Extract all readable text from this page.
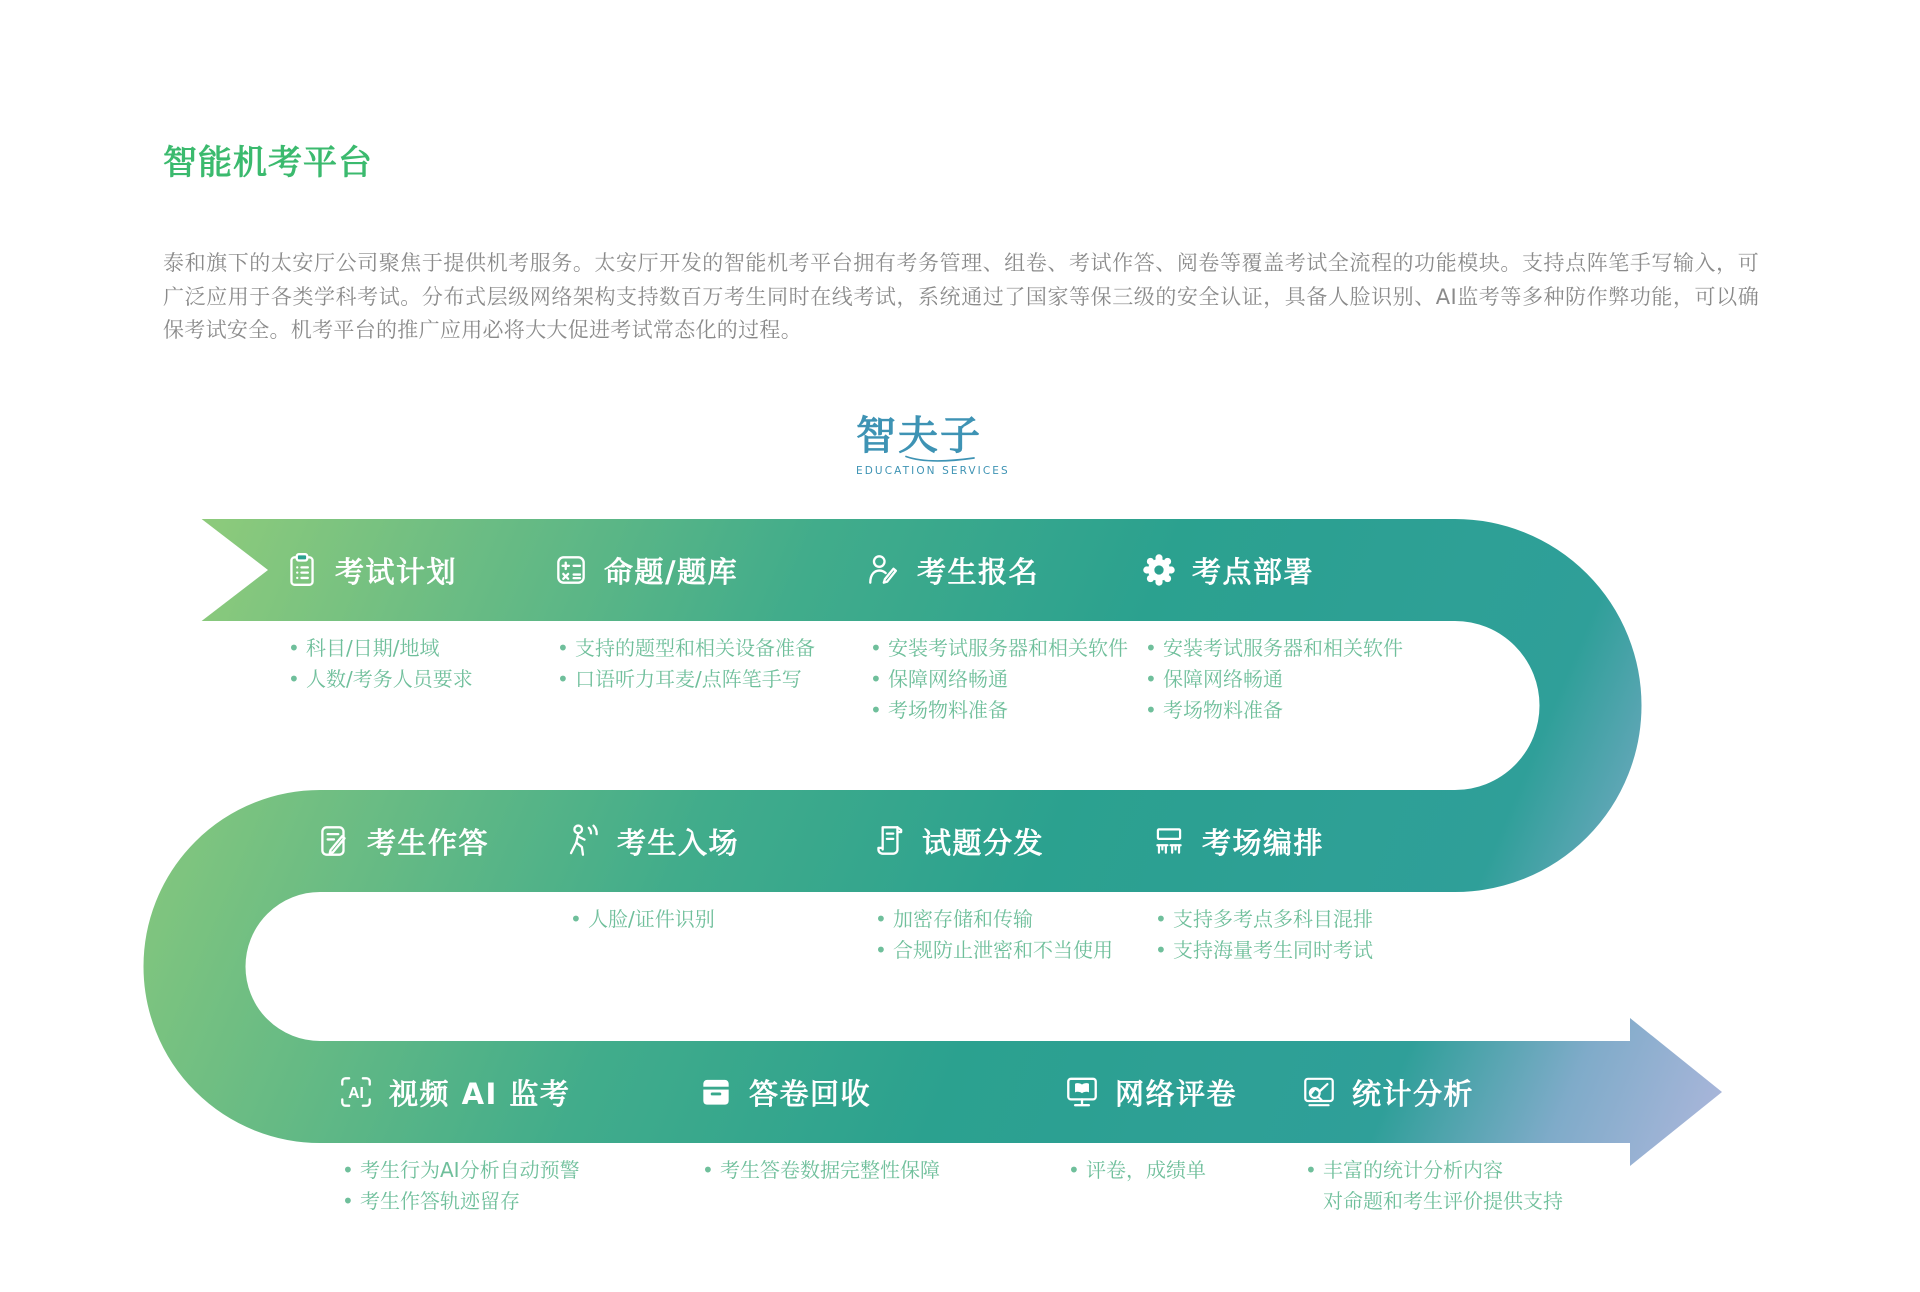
智能机考平台

泰和旗下的太安厅公司聚焦于提供机考服务。太安厅开发的智能机考平台拥有考务管理、组卷、考试作答、阅卷等覆盖考试全流程的功能模块。支持点阵笔手写输入，可广泛应用于各类学科考试。分布式层级网络架构支持数百万考生同时在线考试，系统通过了国家等保三级的安全认证，具备人脸识别、AI监考等多种防作弊功能，可以确保考试安全。机考平台的推广应用必将大大促进考试常态化的过程。

智夫子
EDUCATION SERVICES
考试计划
• 科目/日期/地域
• 人数/考务人员要求
命题/题库
• 支持的题型和相关设备准备
• 口语听力耳麦/点阵笔手写
考生报名
• 安装考试服务器和相关软件
• 保障网络畅通
• 考场物料准备
考点部署
• 安装考试服务器和相关软件
• 保障网络畅通
• 考场物料准备
考生作答	考生入场
• 人脸/证件识别
试题分发
• 加密存储和传输
• 合规防止泄密和不当使用
考场编排
• 支持多考点多科目混排
• 支持海量考生同时考试
AI 视频 AI 监考
• 考生行为AI分析自动预警
• 考生作答轨迹留存
答卷回收
• 考生答卷数据完整性保障
网络评卷
• 评卷，成绩单
统计分析
• 丰富的统计分析内容
对命题和考生评价提供支持
